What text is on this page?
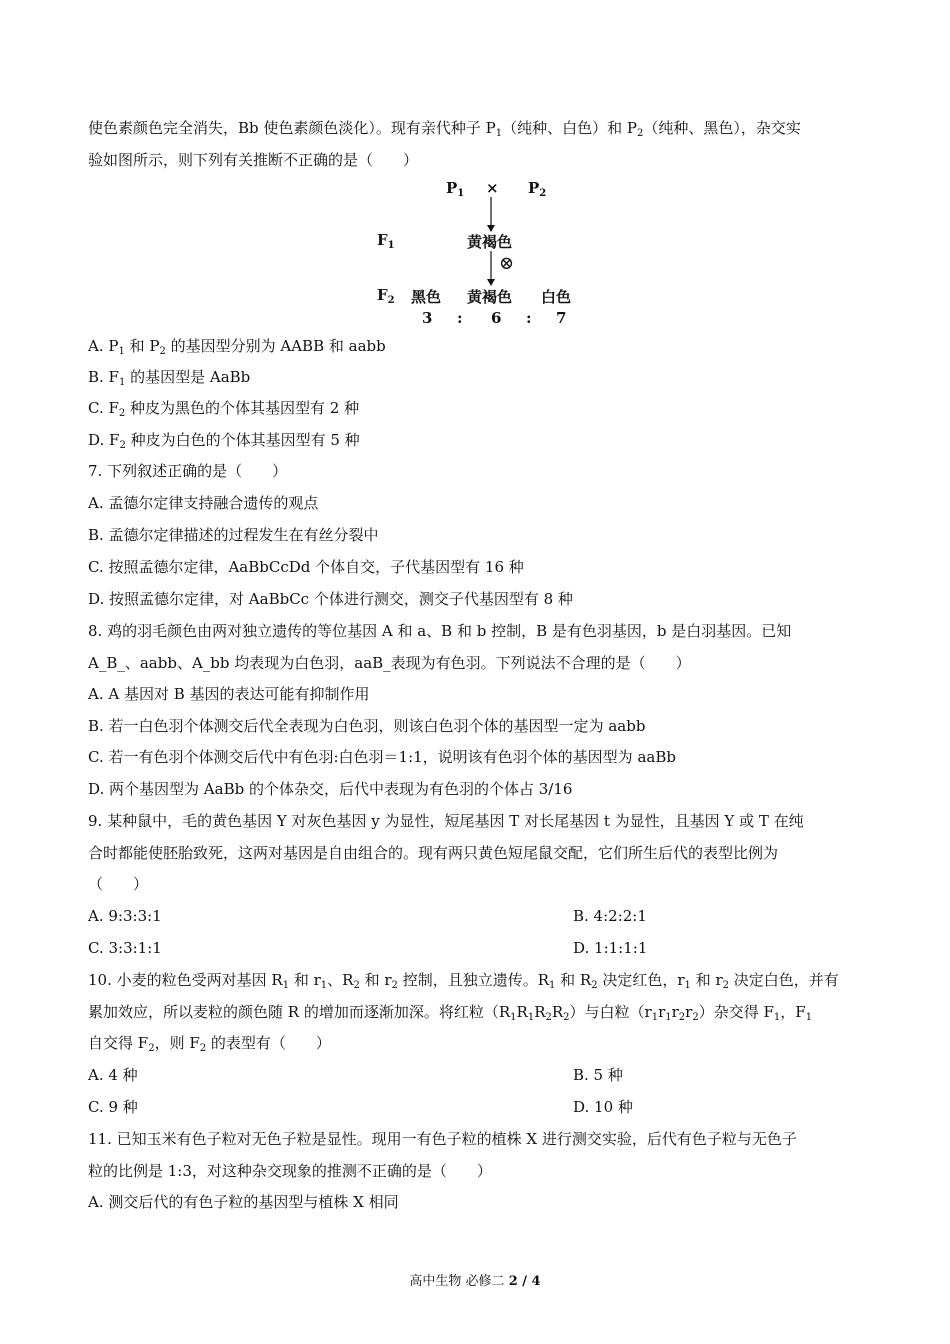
使色素颜色完全消失，Bb 使色素颜色淡化）。现有亲代种子 $P_1$（纯种、白色）和 $P_2$（纯种、黑色），杂交实
验如图所示，则下列有关推断不正确的是（　　）
$P_1 \times P_2$
$F_1$	黄褐色
⊗
$F_2$ 黑色 黄褐色 白色
3 : 6 : 7
A. $P_1$ 和 $P_2$ 的基因型分别为 AABB 和 aabb
B. $F_1$ 的基因型是 AaBb
C. $F_2$ 种皮为黑色的个体其基因型有 2 种
D. $F_2$ 种皮为白色的个体其基因型有 5 种
7. 下列叙述正确的是（　　）
A. 孟德尔定律支持融合遗传的观点
B. 孟德尔定律描述的过程发生在有丝分裂中
C. 按照孟德尔定律，AaBbCcDd 个体自交，子代基因型有 16 种
D. 按照孟德尔定律，对 AaBbCc 个体进行测交，测交子代基因型有 8 种
8. 鸡的羽毛颜色由两对独立遗传的等位基因 A 和 a、B 和 b 控制，B 是有色羽基因，b 是白羽基因。已知
A_B_、aabb、A_bb 均表现为白色羽，aaB_表现为有色羽。下列说法不合理的是（　　）
A. A 基因对 B 基因的表达可能有抑制作用
B. 若一白色羽个体测交后代全表现为白色羽，则该白色羽个体的基因型一定为 aabb
C. 若一有色羽个体测交后代中有色羽:白色羽＝1:1，说明该有色羽个体的基因型为 aaBb
D. 两个基因型为 AaBb 的个体杂交，后代中表现为有色羽的个体占 3/16
9. 某种鼠中，毛的黄色基因 Y 对灰色基因 y 为显性，短尾基因 T 对长尾基因 t 为显性，且基因 Y 或 T 在纯
合时都能使胚胎致死，这两对基因是自由组合的。现有两只黄色短尾鼠交配，它们所生后代的表型比例为
（　　）
A. 9:3:3:1	B. 4:2:2:1
C. 3:3:1:1	D. 1:1:1:1
10. 小麦的粒色受两对基因 $R_1$ 和 $r_1$、$R_2$ 和 $r_2$ 控制，且独立遗传。$R_1$ 和 $R_2$ 决定红色，$r_1$ 和 $r_2$ 决定白色，并有
累加效应，所以麦粒的颜色随 R 的增加而逐渐加深。将红粒$(R_1R_1R_2R_2)$与白粒$(r_1r_1r_2r_2)$杂交得 $F_1$，$F_1$
自交得 $F_2$，则 $F_2$ 的表型有（　　）
A. 4 种	B. 5 种
C. 9 种	D. 10 种
11. 已知玉米有色子粒对无色子粒是显性。现用一有色子粒的植株 X 进行测交实验，后代有色子粒与无色子
粒的比例是 1:3，对这种杂交现象的推测不正确的是（　　）
A. 测交后代的有色子粒的基因型与植株 X 相同
高中生物 必修二 2 / 4
